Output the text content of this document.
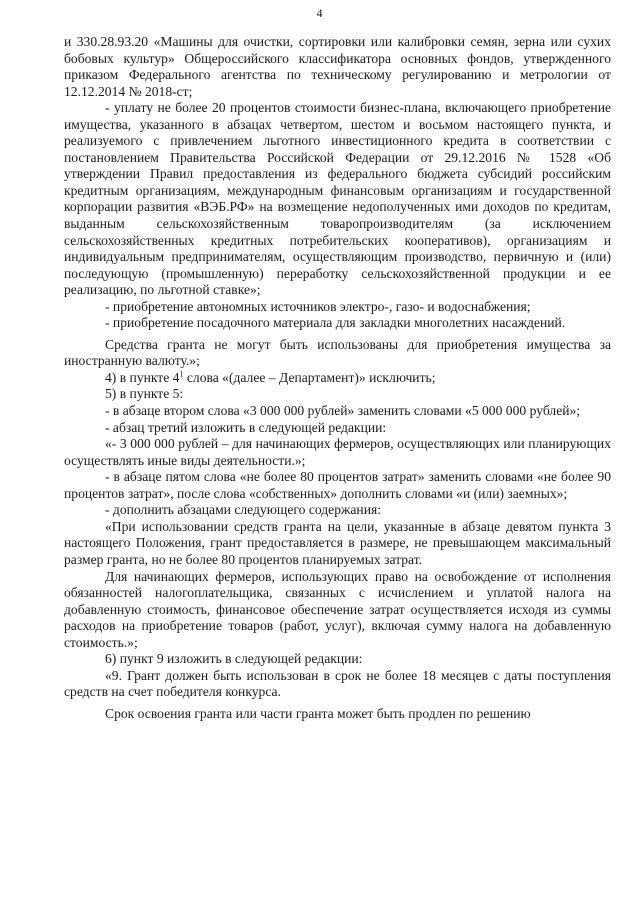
4

и 330.28.93.20 «Машины для очистки, сортировки или калибровки семян, зерна или сухих бобовых культур» Общероссийского классификатора основных фондов, утвержденного приказом Федерального агентства по техническому регулированию и метрологии от 12.12.2014 № 2018-ст;

- уплату не более 20 процентов стоимости бизнес-плана, включающего приобретение имущества, указанного в абзацах четвертом, шестом и восьмом настоящего пункта, и реализуемого с привлечением льготного инвестиционного кредита в соответствии с постановлением Правительства Российской Федерации от 29.12.2016 № 1528 «Об утверждении Правил предоставления из федерального бюджета субсидий российским кредитным организациям, международным финансовым организациям и государственной корпорации развития «ВЭБ.РФ» на возмещение недополученных ими доходов по кредитам, выданным сельскохозяйственным товаропроизводителям (за исключением сельскохозяйственных кредитных потребительских кооперативов), организациям и индивидуальным предпринимателям, осуществляющим производство, первичную и (или) последующую (промышленную) переработку сельскохозяйственной продукции и ее реализацию, по льготной ставке»;

- приобретение автономных источников электро-, газо- и водоснабжения;

- приобретение посадочного материала для закладки многолетних насаждений.

Средства гранта не могут быть использованы для приобретения имущества за иностранную валюту.»;

4) в пункте $4^1$ слова «(далее – Департамент)» исключить;

5) в пункте 5:

- в абзаце втором слова «3 000 000 рублей» заменить словами «5 000 000 рублей»;

- абзац третий изложить в следующей редакции:

«- 3 000 000 рублей – для начинающих фермеров, осуществляющих или планирующих осуществлять иные виды деятельности.»;

- в абзаце пятом слова «не более 80 процентов затрат» заменить словами «не более 90 процентов затрат», после слова «собственных» дополнить словами «и (или) заемных»;

- дополнить абзацами следующего содержания:

«При использовании средств гранта на цели, указанные в абзаце девятом пункта 3 настоящего Положения, грант предоставляется в размере, не превышающем максимальный размер гранта, но не более 80 процентов планируемых затрат.

Для начинающих фермеров, использующих право на освобождение от исполнения обязанностей налогоплательщика, связанных с исчислением и уплатой налога на добавленную стоимость, финансовое обеспечение затрат осуществляется исходя из суммы расходов на приобретение товаров (работ, услуг), включая сумму налога на добавленную стоимость.»;

6) пункт 9 изложить в следующей редакции:

«9. Грант должен быть использован в срок не более 18 месяцев с даты поступления средств на счет победителя конкурса.

Срок освоения гранта или части гранта может быть продлен по решению
